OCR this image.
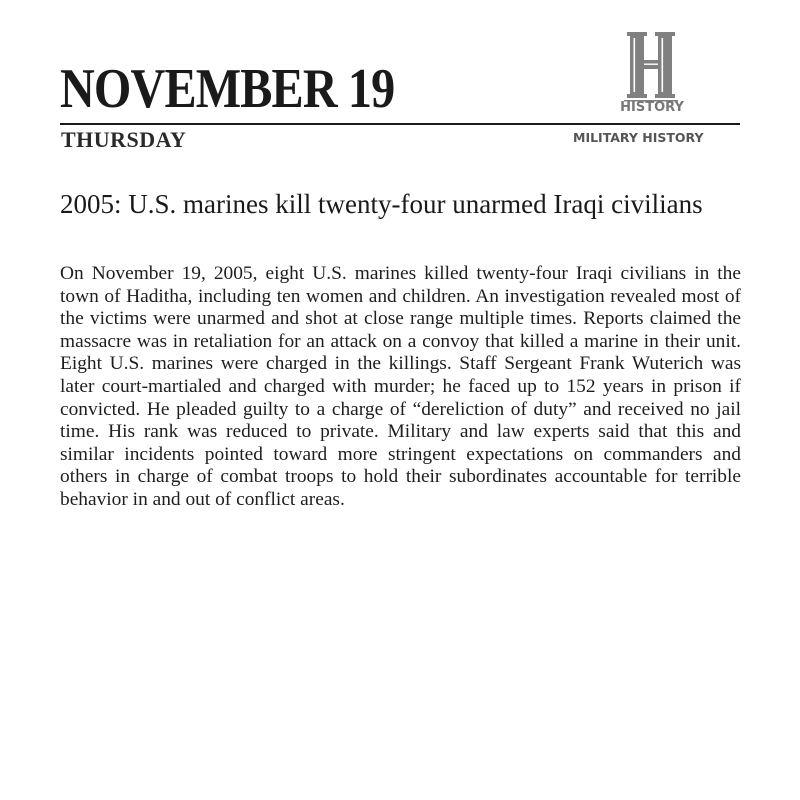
NOVEMBER 19	HISTORY
THURSDAY	MILITARY HISTORY
2005: U.S. marines kill twenty-four unarmed Iraqi civilians

On November 19, 2005, eight U.S. marines killed twenty-four Iraqi civilians in the town of Haditha, including ten women and children. An investigation revealed most of the victims were unarmed and shot at close range multiple times. Reports claimed the massacre was in retaliation for an attack on a convoy that killed a marine in their unit. Eight U.S. marines were charged in the killings. Staff Sergeant Frank Wuterich was later court-martialed and charged with murder; he faced up to 152 years in prison if convicted. He pleaded guilty to a charge of “dereliction of duty” and received no jail time. His rank was reduced to private. Military and law experts said that this and similar incidents pointed toward more stringent expectations on commanders and others in charge of combat troops to hold their subordinates accountable for terrible behavior in and out of conflict areas.
